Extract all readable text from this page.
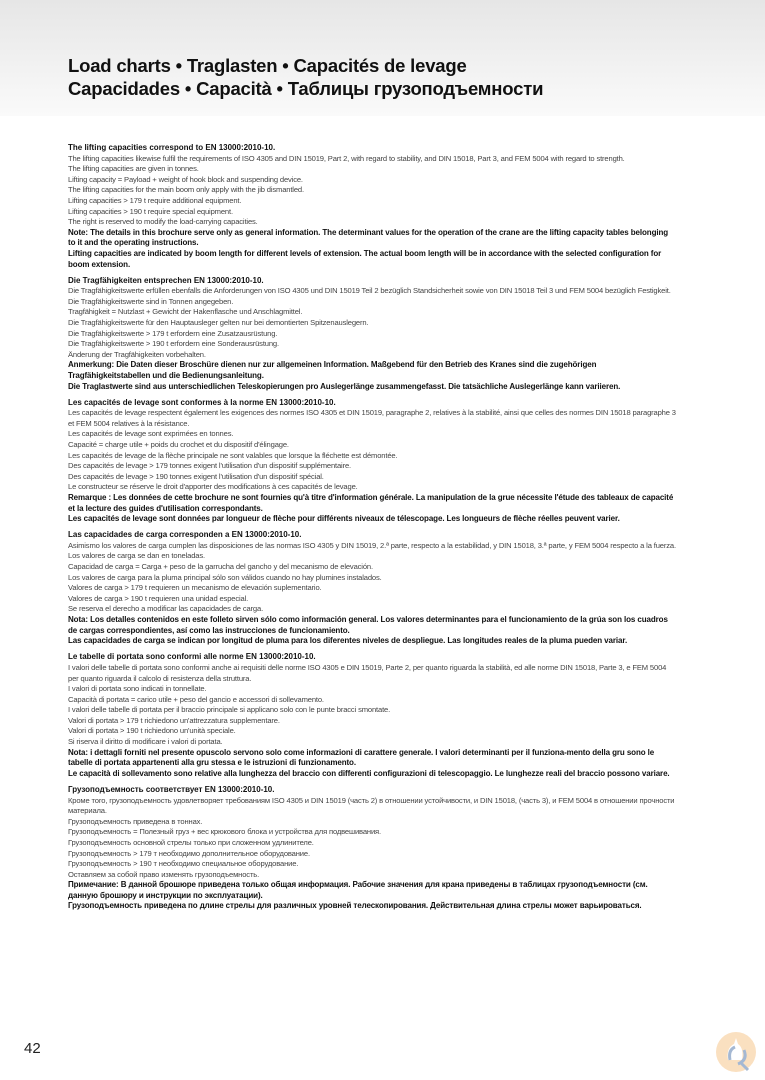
Load charts • Traglasten • Capacités de levage
Capacidades • Capacità • Таблицы грузоподъемности
The lifting capacities correspond to EN 13000:2010-10.
The lifting capacities likewise fulfil the requirements of ISO 4305 and DIN 15019, Part 2, with regard to stability, and DIN 15018, Part 3, and FEM 5004 with regard to strength.
The lifting capacities are given in tonnes.
Lifting capacity = Payload + weight of hook block and suspending device.
The lifting capacities for the main boom only apply with the jib dismantled.
Lifting capacities > 179 t require additional equipment.
Lifting capacities > 190 t require special equipment.
The right is reserved to modify the load-carrying capacities.
Note: The details in this brochure serve only as general information. The determinant values for the operation of the crane are the lifting capacity tables belonging to it and the operating instructions.
Lifting capacities are indicated by boom length for different levels of extension. The actual boom length will be in accordance with the selected configuration for boom extension.
Die Tragfähigkeiten entsprechen EN 13000:2010-10.
Die Tragfähigkeitswerte erfüllen ebenfalls die Anforderungen von ISO 4305 und DIN 15019 Teil 2 bezüglich Standsicherheit sowie von DIN 15018 Teil 3 und FEM 5004 bezüglich Festigkeit.
Die Tragfähigkeitswerte sind in Tonnen angegeben.
Tragfähigkeit = Nutzlast + Gewicht der Hakenflasche und Anschlagmittel.
Die Tragfähigkeitswerte für den Hauptausleger gelten nur bei demontierten Spitzenauslegern.
Die Tragfähigkeitswerte > 179 t erfordern eine Zusatzausrüstung.
Die Tragfähigkeitswerte > 190 t erfordern eine Sonderausrüstung.
Änderung der Tragfähigkeiten vorbehalten.
Anmerkung: Die Daten dieser Broschüre dienen nur zur allgemeinen Information. Maßgebend für den Betrieb des Kranes sind die zugehörigen Tragfähigkeitstabellen und die Bedienungsanleitung.
Die Traglastwerte sind aus unterschiedlichen Teleskopierungen pro Auslegerlänge zusammengefasst. Die tatsächliche Auslegerlänge kann variieren.
Les capacités de levage sont conformes à la norme EN 13000:2010-10.
Les capacités de levage respectent également les exigences des normes ISO 4305 et DIN 15019, paragraphe 2, relatives à la stabilité, ainsi que celles des normes DIN 15018 paragraphe 3 et FEM 5004 relatives à la résistance.
Les capacités de levage sont exprimées en tonnes.
Capacité = charge utile + poids du crochet et du dispositif d'élingage.
Les capacités de levage de la flèche principale ne sont valables que lorsque la fléchette est démontée.
Des capacités de levage > 179 tonnes exigent l'utilisation d'un dispositif supplémentaire.
Des capacités de levage > 190 tonnes exigent l'utilisation d'un dispositif spécial.
Le constructeur se réserve le droit d'apporter des modifications à ces capacités de levage.
Remarque : Les données de cette brochure ne sont fournies qu'à titre d'information générale. La manipulation de la grue nécessite l'étude des tableaux de capacité et la lecture des guides d'utilisation correspondants.
Les capacités de levage sont données par longueur de flèche pour différents niveaux de télescopage. Les longueurs de flèche réelles peuvent varier.
Las capacidades de carga corresponden a EN 13000:2010-10.
Asimismo los valores de carga cumplen las disposiciones de las normas ISO 4305 y DIN 15019, 2.ª parte, respecto a la estabilidad, y DIN 15018, 3.ª parte, y FEM 5004 respecto a la fuerza.
Los valores de carga se dan en toneladas.
Capacidad de carga = Carga + peso de la garrucha del gancho y del mecanismo de elevación.
Los valores de carga para la pluma principal sólo son válidos cuando no hay plumines instalados.
Valores de carga > 179 t requieren un mecanismo de elevación suplementario.
Valores de carga > 190 t requieren una unidad especial.
Se reserva el derecho a modificar las capacidades de carga.
Nota: Los detalles contenidos en este folleto sirven sólo como información general. Los valores determinantes para el funcionamiento de la grúa son los cuadros de cargas correspondientes, así como las instrucciones de funcionamiento.
Las capacidades de carga se indican por longitud de pluma para los diferentes niveles de despliegue. Las longitudes reales de la pluma pueden variar.
Le tabelle di portata sono conformi alle norme EN 13000:2010-10.
I valori delle tabelle di portata sono conformi anche ai requisiti delle norme ISO 4305 e DIN 15019, Parte 2, per quanto riguarda la stabilità, ed alle norme DIN 15018, Parte 3, e FEM 5004 per quanto riguarda il calcolo di resistenza della struttura.
I valori di portata sono indicati in tonnellate.
Capacità di portata = carico utile + peso del gancio e accessori di sollevamento.
I valori delle tabelle di portata per il braccio principale si applicano solo con le punte bracci smontate.
Valori di portata > 179 t richiedono un'attrezzatura supplementare.
Valori di portata > 190 t richiedono un'unità speciale.
Si riserva il diritto di modificare i valori di portata.
Nota: i dettagli forniti nel presente opuscolo servono solo come informazioni di carattere generale. I valori determinanti per il funziona-mento della gru sono le tabelle di portata appartenenti alla gru stessa e le istruzioni di funzionamento.
Le capacità di sollevamento sono relative alla lunghezza del braccio con differenti configurazioni di telescopaggio. Le lunghezze reali del braccio possono variare.
Грузоподъемность соответствует EN 13000:2010-10.
Кроме того, грузоподъемность удовлетворяет требованиям ISO 4305 и DIN 15019 (часть 2) в отношении устойчивости, и DIN 15018, (часть 3), и FEM 5004 в отношении прочности материала.
Грузоподъемность приведена в тоннах.
Грузоподъемность = Полезный груз + вес крюкового блока и устройства для подвешивания.
Грузоподъемность основной стрелы только при сложенном удлинителе.
Грузоподъемность > 179 т необходимо дополнительное оборудование.
Грузоподъемность > 190 т необходимо специальное оборудование.
Оставляем за собой право изменять грузоподъемность.
Примечание: В данной брошюре приведена только общая информация. Рабочие значения для крана приведены в таблицах грузоподъемности (см. данную брошюру и инструкции по эксплуатации).
Грузоподъемность приведена по длине стрелы для различных уровней телескопирования. Действительная длина стрелы может варьироваться.
42
